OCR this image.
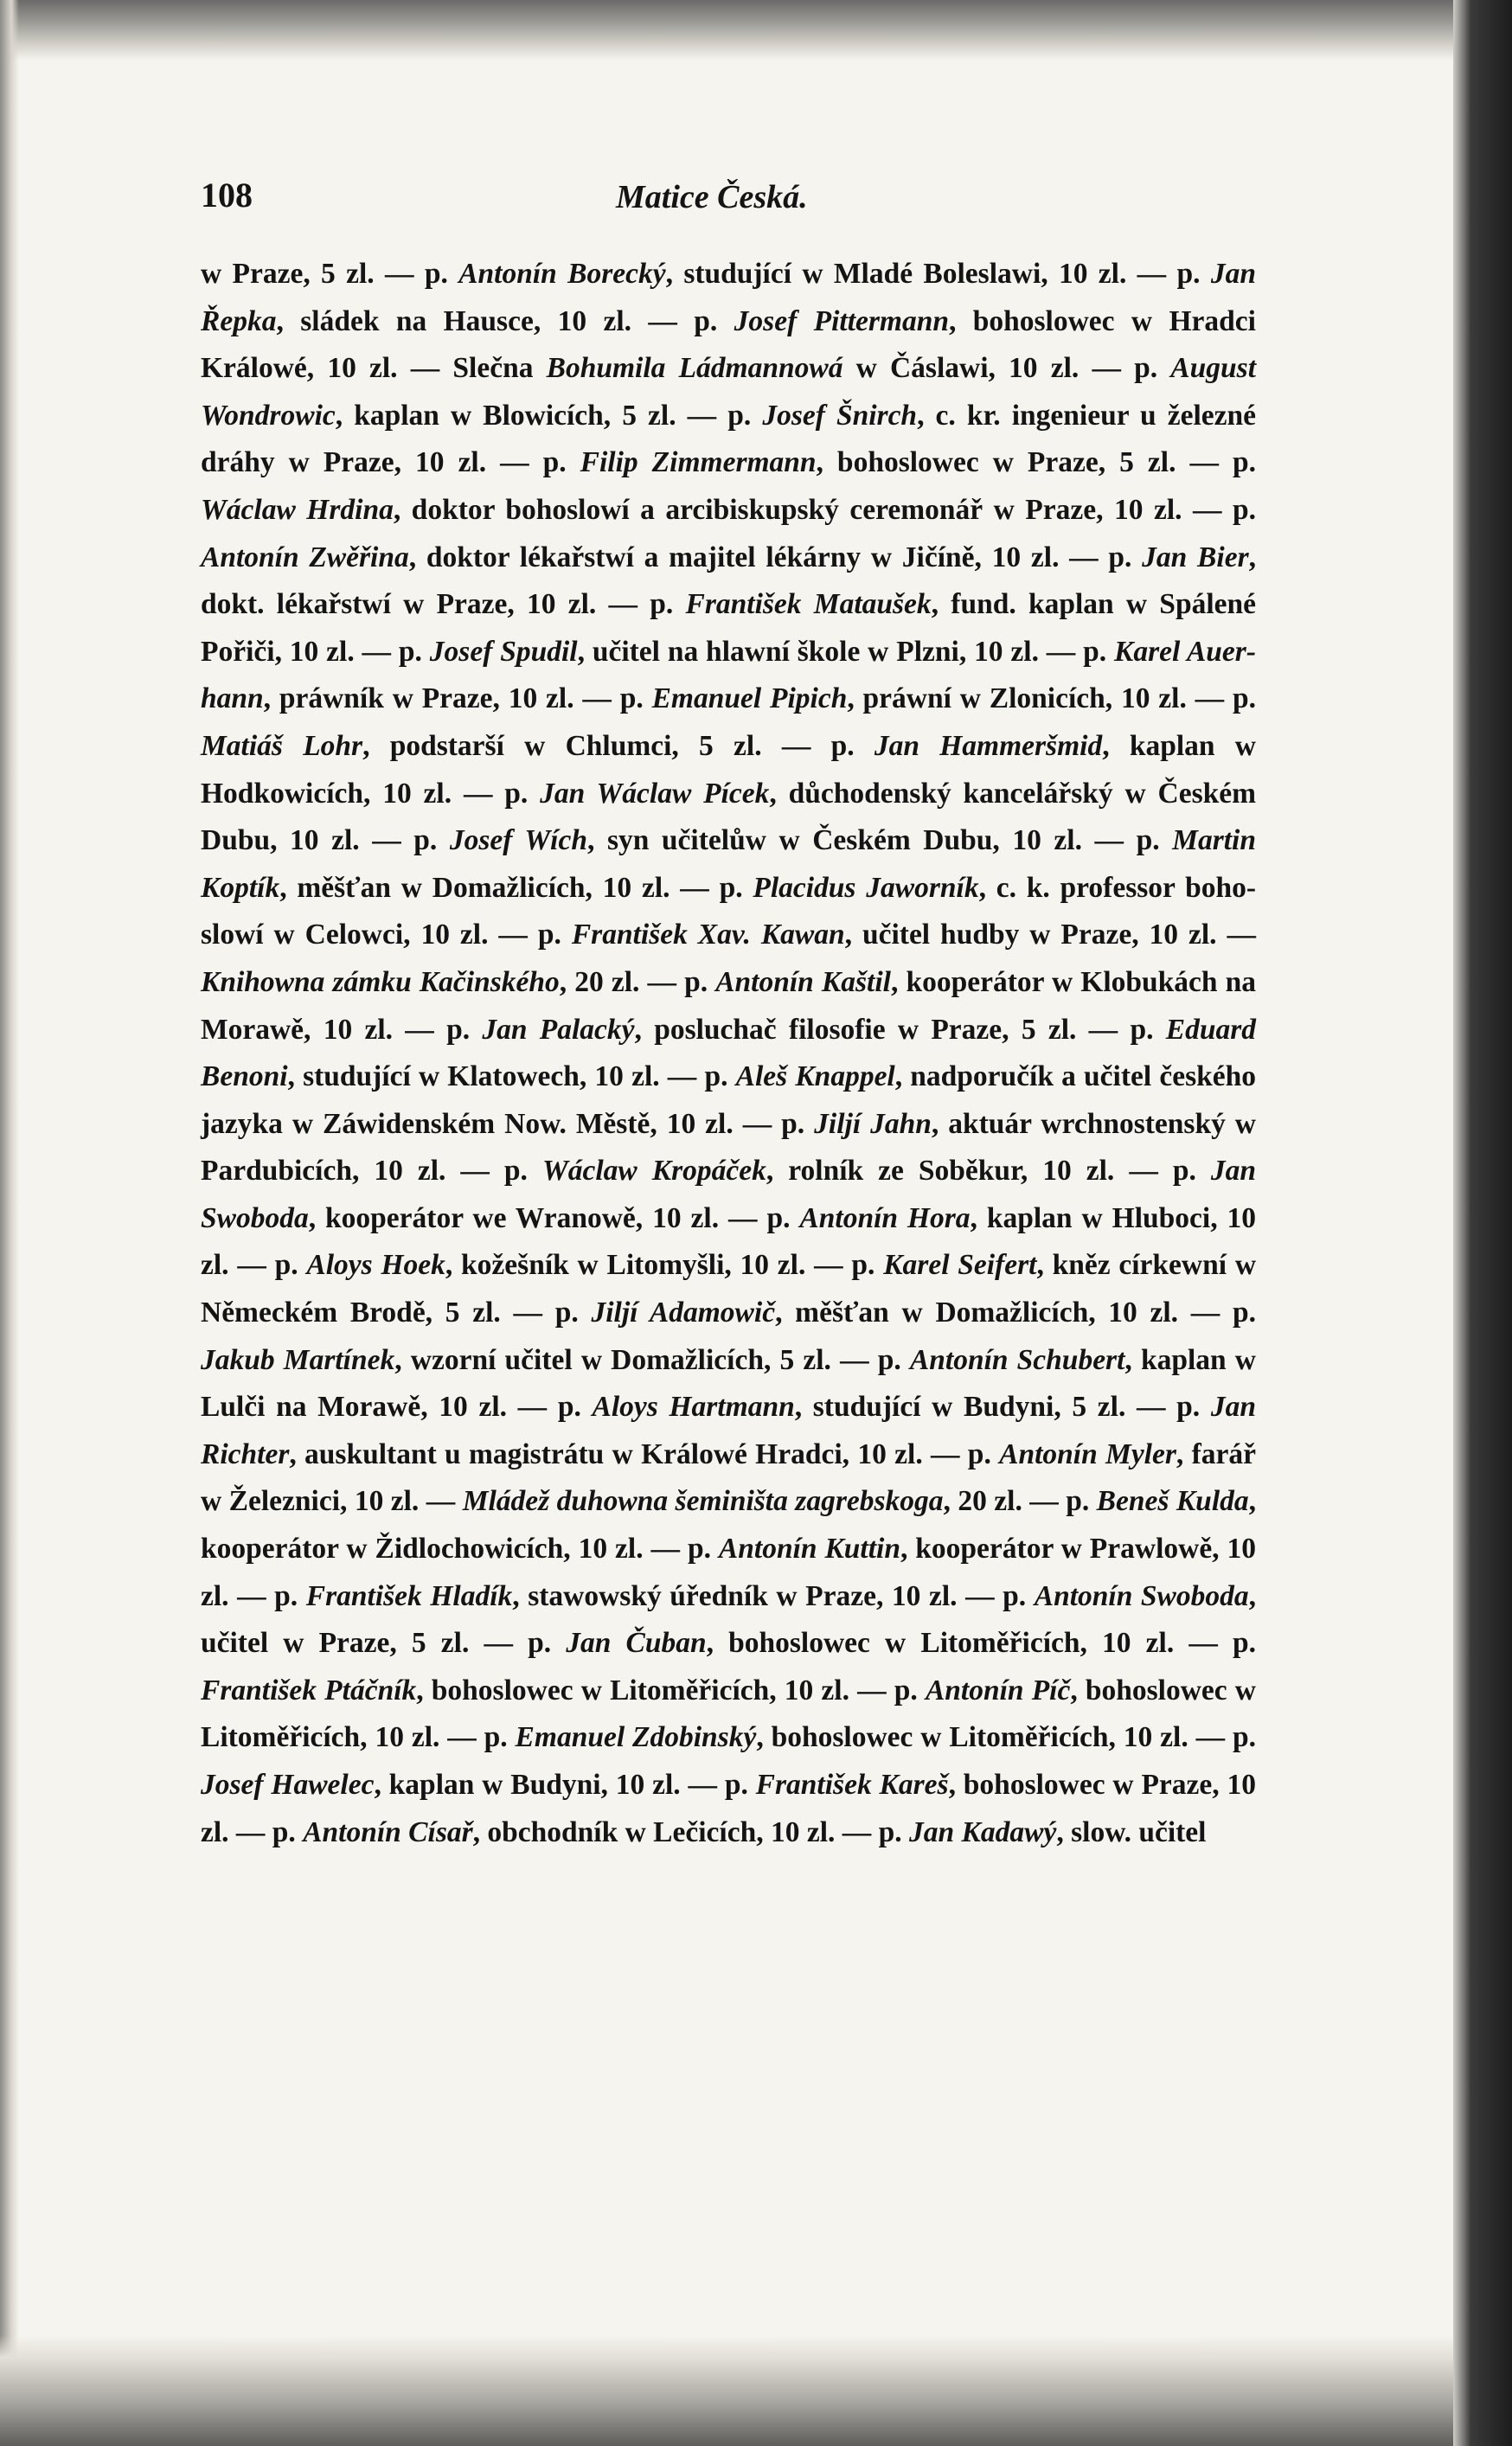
108	Matice Česká.

w Praze, 5 zl. — p. Antonín Borecký, studující w Mladé Boleslawi, 10 zl. — p. Jan Řepka, sládek na Hausce, 10 zl. — p. Josef Pittermann, bohoslowec w Hradci Králowé, 10 zl. — Slečna Bohumila Ládmannowá w Čáslawi, 10 zl. — p. August Wondrowic, kaplan w Blowicích, 5 zl. — p. Josef Šnirch, c. kr. ingenieur u železné dráhy w Praze, 10 zl. — p. Filip Zimmermann, bohoslowec w Praze, 5 zl. — p. Wáclaw Hrdina, doktor bohoslowí a arcibiskupský ceremonář w Praze, 10 zl. — p. Antonín Zwěřina, doktor lékařstwí a majitel lékárny w Jičíně, 10 zl. — p. Jan Bier, dokt. lékařstwí w Praze, 10 zl. — p. František Mataušek, fund. kaplan w Spálené Pořiči, 10 zl. — p. Josef Spudil, učitel na hlawní škole w Plzni, 10 zl. — p. Karel Auerhann, práwník w Praze, 10 zl. — p. Emanuel Pipich, práwní w Zlonicích, 10 zl. — p. Matiáš Lohr, podstarší w Chlumci, 5 zl. — p. Jan Hammeršmid, kaplan w Hodkowicích, 10 zl. — p. Jan Wáclaw Pícek, důchodenský kancelářský w Českém Dubu, 10 zl. — p. Josef Wích, syn učitelůw w Českém Dubu, 10 zl. — p. Martin Koptík, měšťan w Domažlicích, 10 zl. — p. Placidus Jaworník, c. k. professor bohoslowí w Celowci, 10 zl. — p. František Xav. Kawan, učitel hudby w Praze, 10 zl. — Knihowna zámku Kačinského, 20 zl. — p. Antonín Kaštil, kooperátor w Klobukách na Morawě, 10 zl. — p. Jan Palacký, posluchač filosofie w Praze, 5 zl. — p. Eduard Benoni, studující w Klatowech, 10 zl. — p. Aleš Knappel, nadporučík a učitel českého jazyka w Záwidenském Now. Městě, 10 zl. — p. Jiljí Jahn, aktuár wrchnostenský w Pardubicích, 10 zl. — p. Wáclaw Kropáček, rolník ze Soběkur, 10 zl. — p. Jan Swoboda, kooperátor we Wranowě, 10 zl. — p. Antonín Hora, kaplan w Hluboci, 10 zl. — p. Aloys Hoek, kožešník w Litomyšli, 10 zl. — p. Karel Seifert, kněz církewní w Německém Brodě, 5 zl. — p. Jiljí Adamowič, měšťan w Domažlicích, 10 zl. — p. Jakub Martínek, wzorní učitel w Domažlicích, 5 zl. — p. Antonín Schubert, kaplan w Lulči na Morawě, 10 zl. — p. Aloys Hartmann, studující w Budyni, 5 zl. — p. Jan Richter, auskultant u magistrátu w Králowé Hradci, 10 zl. — p. Antonín Myler, farář w Železnici, 10 zl. — Mládež duhowna šeminišta zagrebskoga, 20 zl. — p. Beneš Kulda, kooperátor w Židlochowicích, 10 zl. — p. Antonín Kuttin, kooperátor w Prawlowě, 10 zl. — p. František Hladík, stawowský úředník w Praze, 10 zl. — p. Antonín Swoboda, učitel w Praze, 5 zl. — p. Jan Čuban, bohoslowec w Litoměřicích, 10 zl. — p. František Ptáčník, bohoslowec w Litoměřicích, 10 zl. — p. Antonín Píč, bohoslowec w Litoměřicích, 10 zl. — p. Emanuel Zdobinský, bohoslowec w Litoměřicích, 10 zl. — p. Josef Hawelec, kaplan w Budyni, 10 zl. — p. František Kareš, bohoslowec w Praze, 10 zl. — p. Antonín Císař, obchodník w Lečicích, 10 zl. — p. Jan Kadawý, slow. učitel
